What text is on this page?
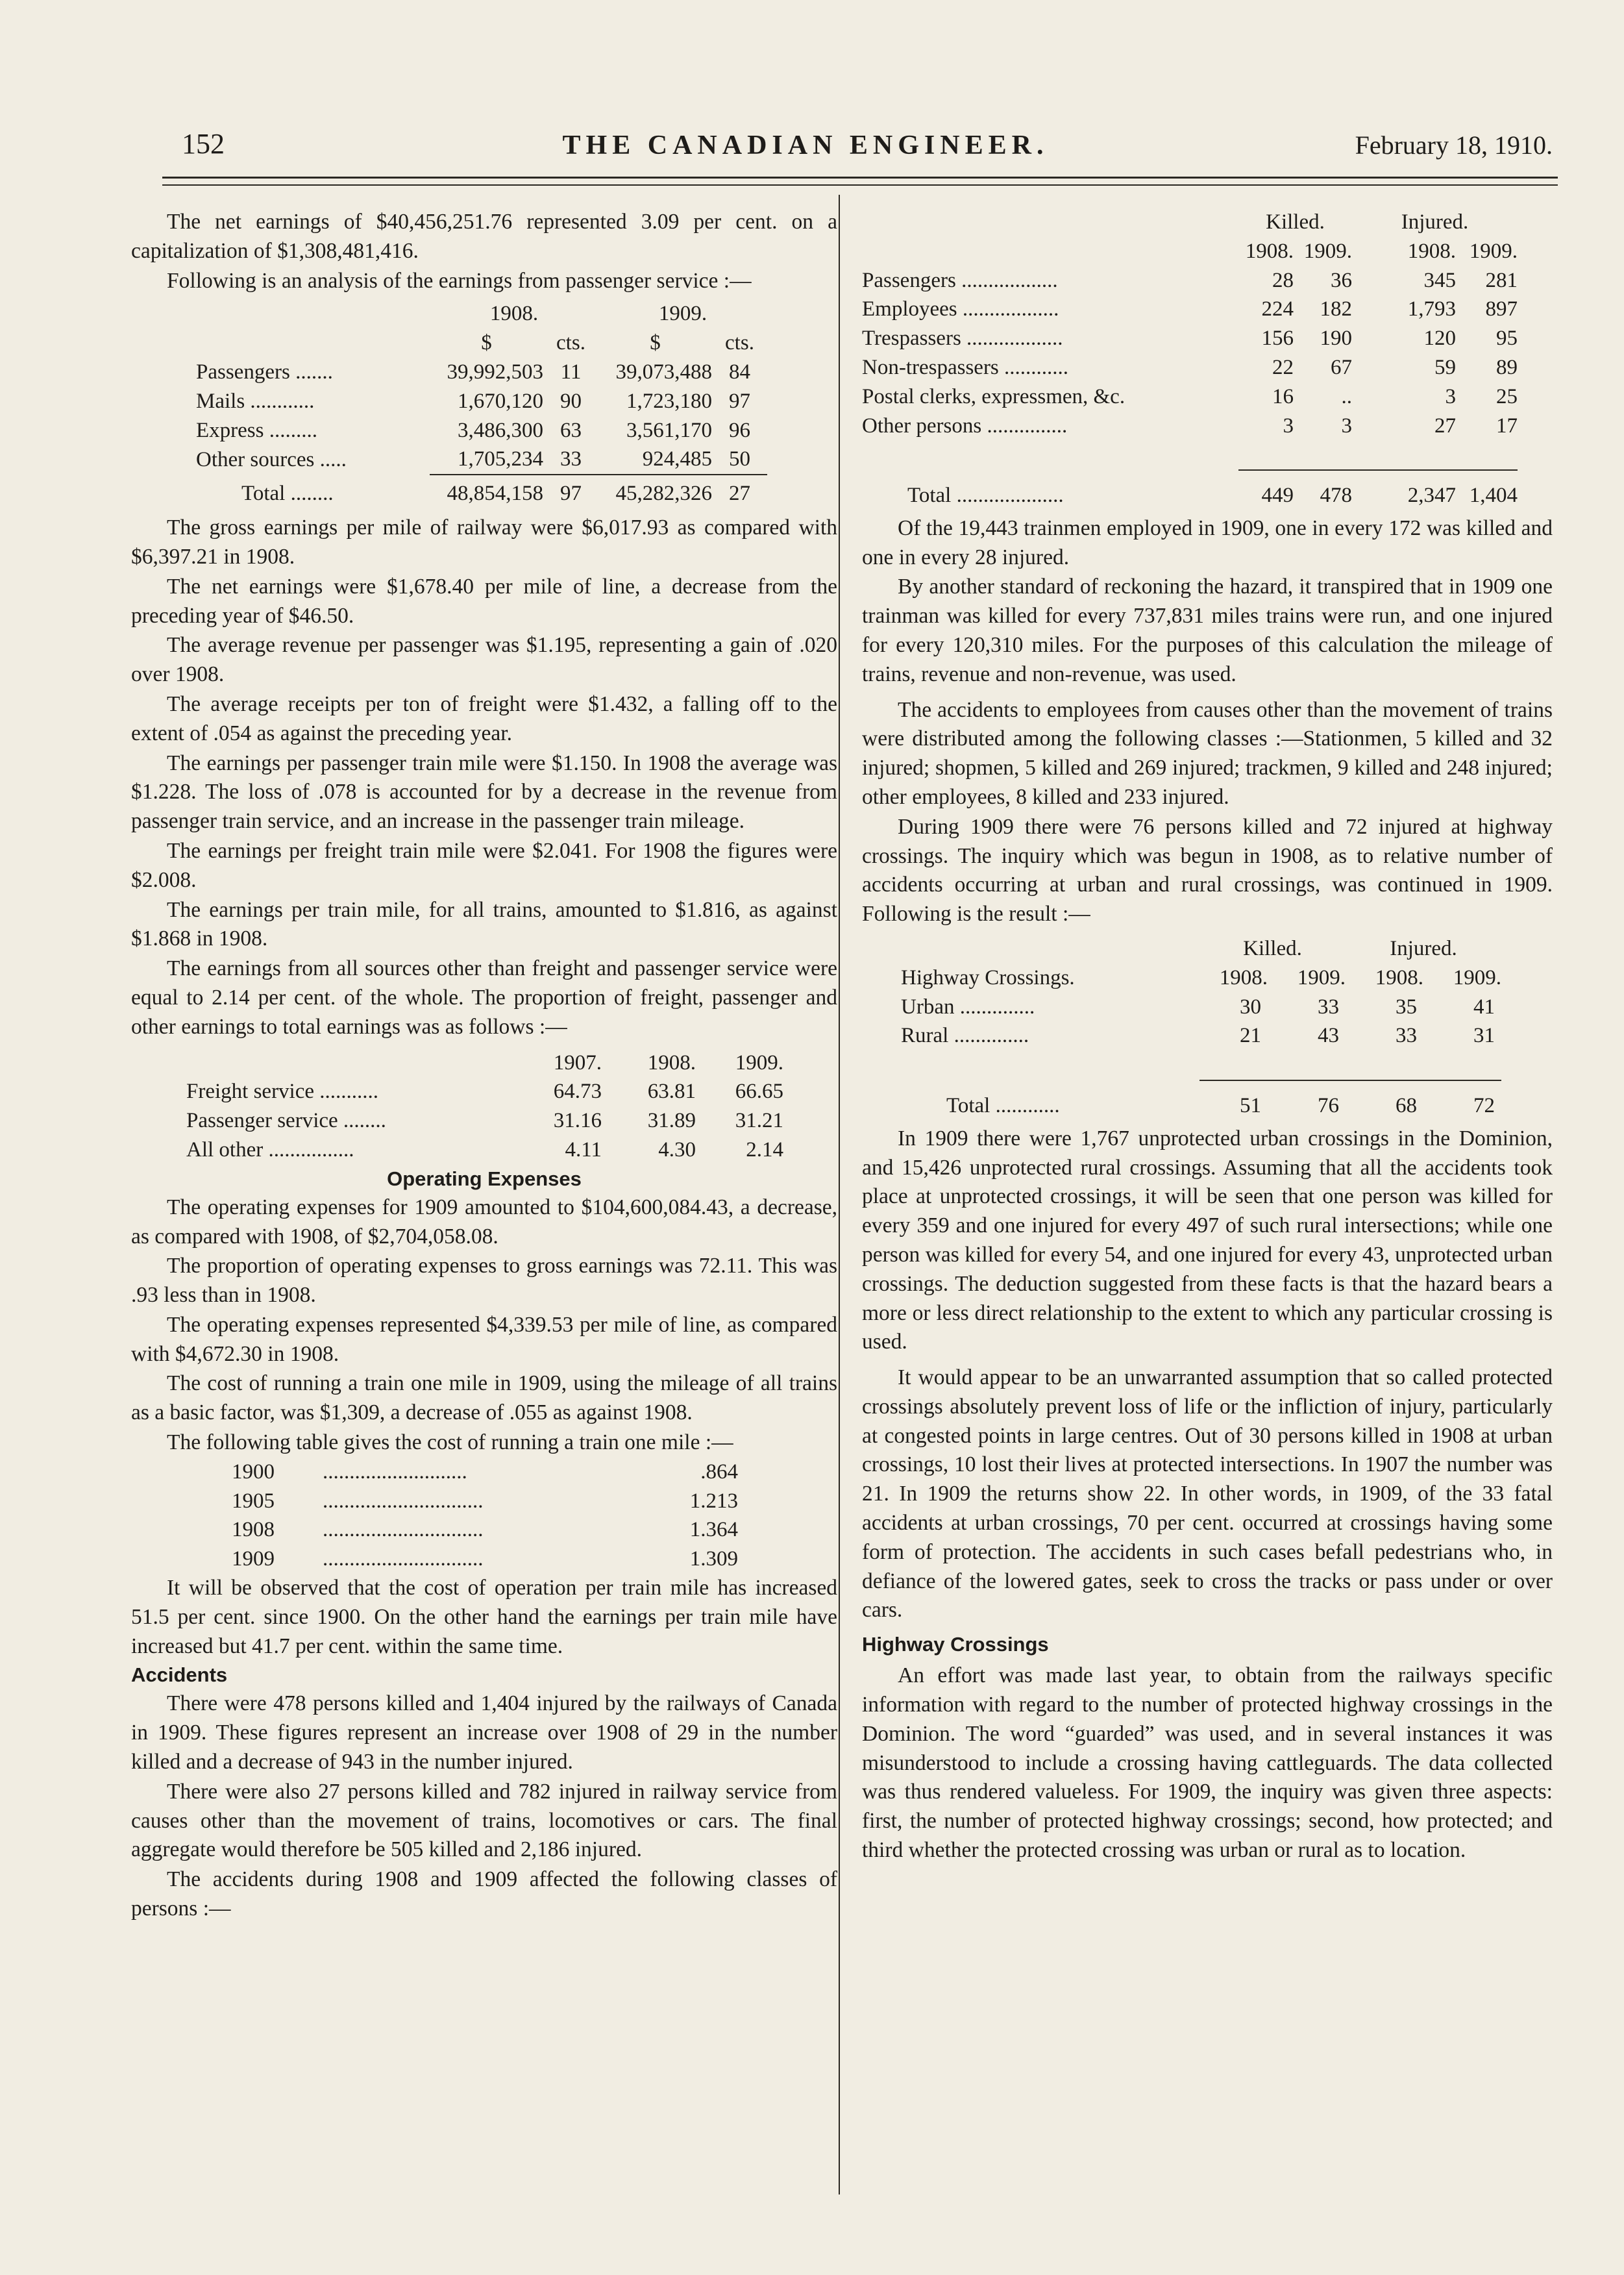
152	THE CANADIAN ENGINEER.	February 18, 1910.

The net earnings of $40,456,251.76 represented 3.09 per cent. on a capitalization of $1,308,481,416.

Following is an analysis of the earnings from passenger service :—

	1908.		1909.	
	$	cts.	$	cts.
Passengers .......	39,992,503	11	39,073,488	84
Mails ............	1,670,120	90	1,723,180	97
Express .........	3,486,300	63	3,561,170	96
Other sources .....	1,705,234	33	924,485	50
Total ........	48,854,158	97	45,282,326	27

The gross earnings per mile of railway were $6,017.93 as compared with $6,397.21 in 1908.

The net earnings were $1,678.40 per mile of line, a decrease from the preceding year of $46.50.

The average revenue per passenger was $1.195, representing a gain of .020 over 1908.

The average receipts per ton of freight were $1.432, a falling off to the extent of .054 as against the preceding year.

The earnings per passenger train mile were $1.150. In 1908 the average was $1.228. The loss of .078 is accounted for by a decrease in the revenue from passenger train service, and an increase in the passenger train mileage.

The earnings per freight train mile were $2.041. For 1908 the figures were $2.008.

The earnings per train mile, for all trains, amounted to $1.816, as against $1.868 in 1908.

The earnings from all sources other than freight and passenger service were equal to 2.14 per cent. of the whole. The proportion of freight, passenger and other earnings to total earnings was as follows :—

	1907.	1908.	1909.
Freight service ...........	64.73	63.81	66.65
Passenger service ........	31.16	31.89	31.21
All other ................	4.11	4.30	2.14
Operating Expenses

The operating expenses for 1909 amounted to $104,600,084.43, a decrease, as compared with 1908, of $2,704,058.08.

The proportion of operating expenses to gross earnings was 72.11. This was .93 less than in 1908.

The operating expenses represented $4,339.53 per mile of line, as compared with $4,672.30 in 1908.

The cost of running a train one mile in 1909, using the mileage of all trains as a basic factor, was $1,309, a decrease of .055 as against 1908.

The following table gives the cost of running a train one mile :—

1900	...........................	.864
1905	..............................	1.213
1908	..............................	1.364
1909	..............................	1.309

It will be observed that the cost of operation per train mile has increased 51.5 per cent. since 1900. On the other hand the earnings per train mile have increased but 41.7 per cent. within the same time.

Accidents

There were 478 persons killed and 1,404 injured by the railways of Canada in 1909. These figures represent an increase over 1908 of 29 in the number killed and a decrease of 943 in the number injured.

There were also 27 persons killed and 782 injured in railway service from causes other than the movement of trains, locomotives or cars. The final aggregate would therefore be 505 killed and 2,186 injured.

The accidents during 1908 and 1909 affected the following classes of persons :—

	Killed.		Injured.	
	1908.	1909.	1908.	1909.
Passengers ..................	28	36	345	281
Employees ..................	224	182	1,793	897
Trespassers ..................	156	190	120	95
Non-trespassers ............	22	67	59	89
Postal clerks, expressmen, &c.	16	..	3	25
Other persons ...............	3	3	27	17

Total ....................	449	478	2,347	1,404

Of the 19,443 trainmen employed in 1909, one in every 172 was killed and one in every 28 injured.

By another standard of reckoning the hazard, it transpired that in 1909 one trainman was killed for every 737,831 miles trains were run, and one injured for every 120,310 miles. For the purposes of this calculation the mileage of trains, revenue and non-revenue, was used.

The accidents to employees from causes other than the movement of trains were distributed among the following classes :—Stationmen, 5 killed and 32 injured; shopmen, 5 killed and 269 injured; trackmen, 9 killed and 248 injured; other employees, 8 killed and 233 injured.

During 1909 there were 76 persons killed and 72 injured at highway crossings. The inquiry which was begun in 1908, as to relative number of accidents occurring at urban and rural crossings, was continued in 1909. Following is the result :—

	Killed.		Injured.	
Highway Crossings.	1908.	1909.	1908.	1909.
Urban ..............	30	33	35	41
Rural ..............	21	43	33	31

Total ............	51	76	68	72

In 1909 there were 1,767 unprotected urban crossings in the Dominion, and 15,426 unprotected rural crossings. Assuming that all the accidents took place at unprotected crossings, it will be seen that one person was killed for every 359 and one injured for every 497 of such rural intersections; while one person was killed for every 54, and one injured for every 43, unprotected urban crossings. The deduction suggested from these facts is that the hazard bears a more or less direct relationship to the extent to which any particular crossing is used.

It would appear to be an unwarranted assumption that so called protected crossings absolutely prevent loss of life or the infliction of injury, particularly at congested points in large centres. Out of 30 persons killed in 1908 at urban crossings, 10 lost their lives at protected intersections. In 1907 the number was 21. In 1909 the returns show 22. In other words, in 1909, of the 33 fatal accidents at urban crossings, 70 per cent. occurred at crossings having some form of protection. The accidents in such cases befall pedestrians who, in defiance of the lowered gates, seek to cross the tracks or pass under or over cars.

Highway Crossings

An effort was made last year, to obtain from the railways specific information with regard to the number of protected highway crossings in the Dominion. The word “guarded” was used, and in several instances it was misunderstood to include a crossing having cattleguards. The data collected was thus rendered valueless. For 1909, the inquiry was given three aspects: first, the number of protected highway crossings; second, how protected; and third whether the protected crossing was urban or rural as to location.
